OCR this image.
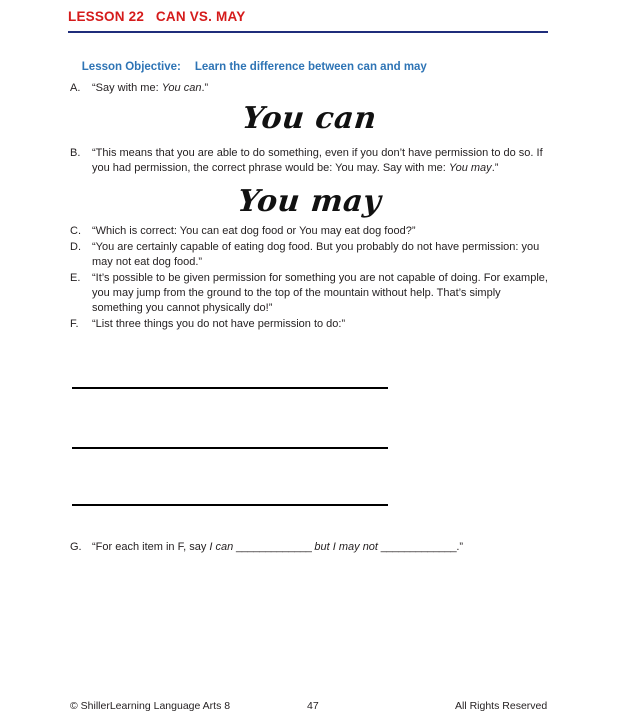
LESSON 22   CAN VS. MAY

Lesson Objective: Learn the difference between can and may

A.	“Say with me: You can.”
You can
B.	“This means that you are able to do something, even if you don’t have permission to do so. If you had permission, the correct phrase would be: You may. Say with me: You may.”
You may
C.	“Which is correct: You can eat dog food or You may eat dog food?”
D.	“You are certainly capable of eating dog food. But you probably do not have permission: you may not eat dog food.”
E.	“It’s possible to be given permission for something you are not capable of doing. For example, you may jump from the ground to the top of the mountain without help. That’s simply something you cannot physically do!”
F.	“List three things you do not have permission to do:”
G. “For each item in F, say I can _____________ but I may not _____________.”
© ShillerLearning Language Arts 8	47	All Rights Reserved
